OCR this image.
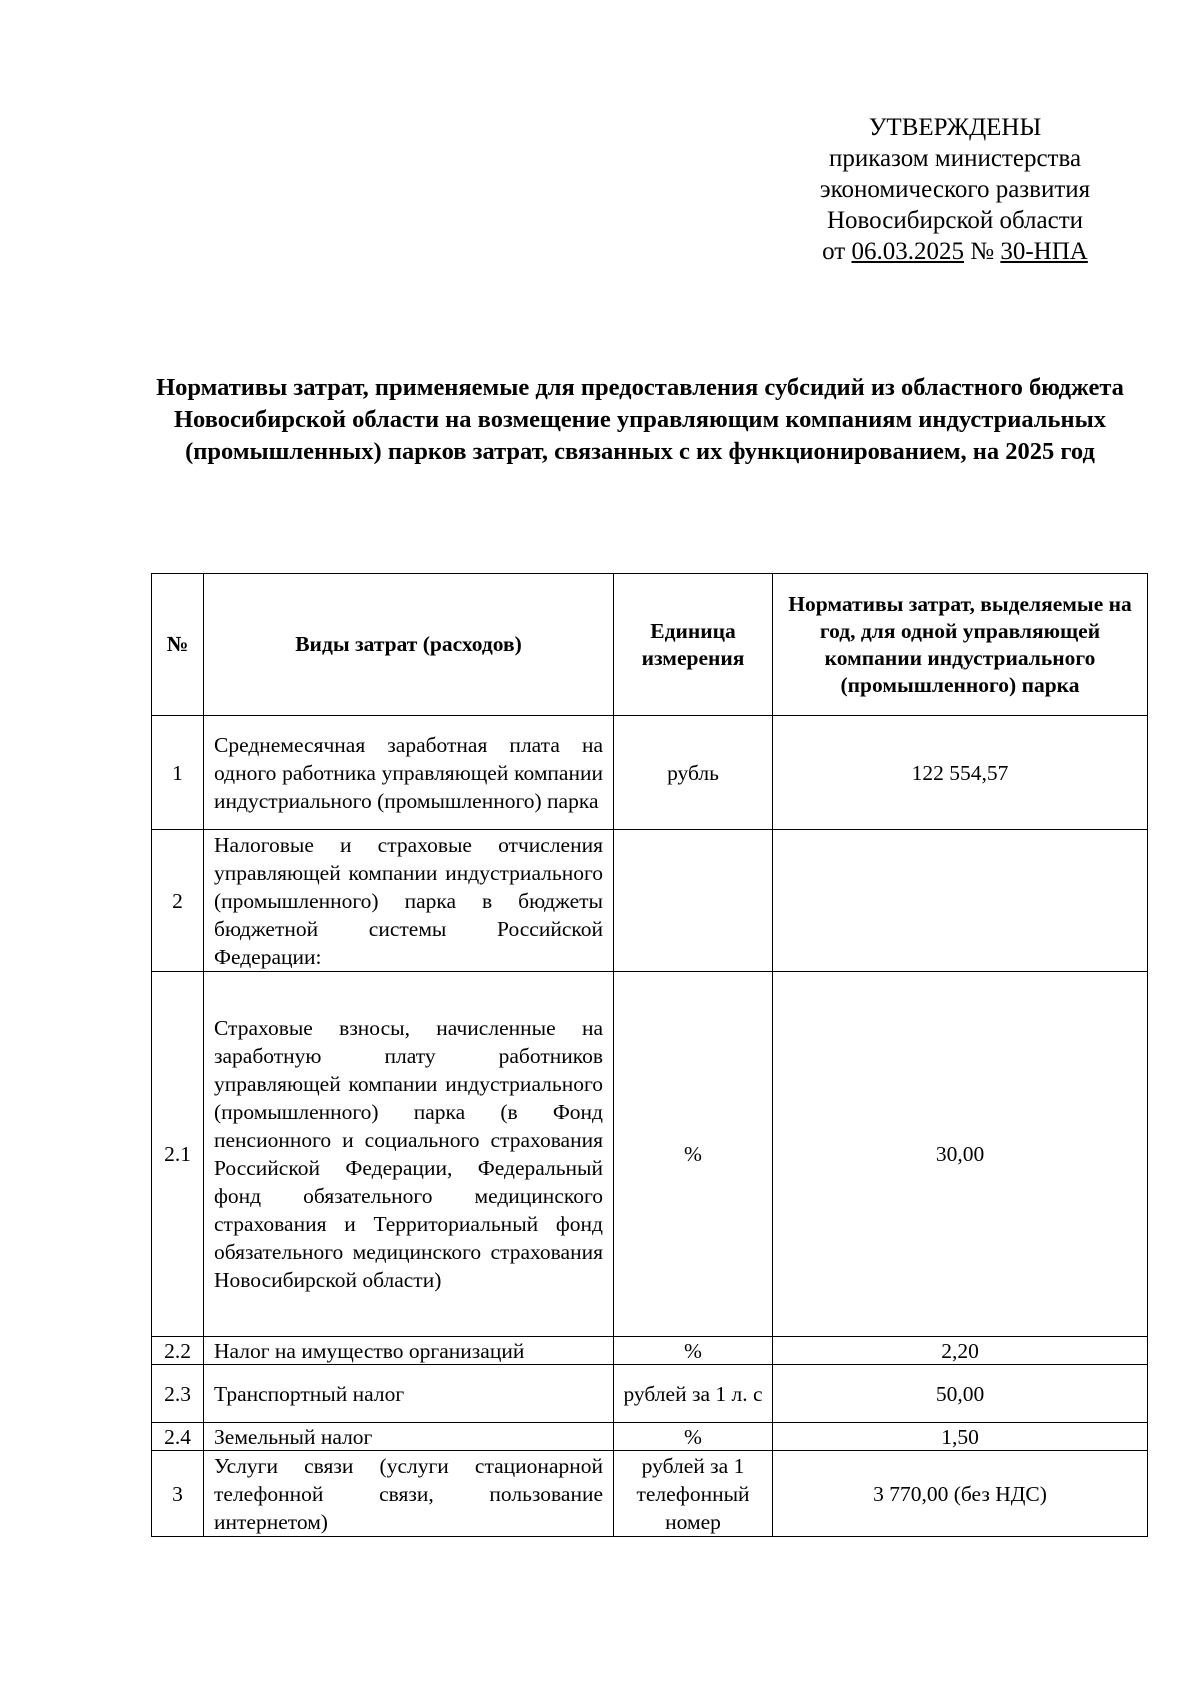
УТВЕРЖДЕНЫ
приказом министерства
экономического развития
Новосибирской области
от 06.03.2025 № 30-НПА
Нормативы затрат, применяемые для предоставления субсидий из областного бюджета Новосибирской области на возмещение управляющим компаниям индустриальных (промышленных) парков затрат, связанных с их функционированием, на 2025 год
№	Виды затрат (расходов)	Единица измерения	Нормативы затрат, выделяемые на год, для одной управляющей компании индустриального (промышленного) парка
1	Среднемесячная заработная плата на одного работника управляющей компании индустриального (промышленного) парка	рубль	122 554,57
2	Налоговые и страховые отчисления управляющей компании индустриального (промышленного) парка в бюджеты бюджетной системы Российской Федерации:		
2.1	Страховые взносы, начисленные на заработную плату работников управляющей компании индустриального (промышленного) парка (в Фонд пенсионного и социального страхования Российской Федерации, Федеральный фонд обязательного медицинского страхования и Территориальный фонд обязательного медицинского страхования Новосибирской области)	%	30,00
2.2	Налог на имущество организаций	%	2,20
2.3	Транспортный налог	рублей за 1 л. с	50,00
2.4	Земельный налог	%	1,50
3	Услуги связи (услуги стационарной телефонной связи, пользование интернетом)	рублей за 1 телефонный номер	3 770,00 (без НДС)
